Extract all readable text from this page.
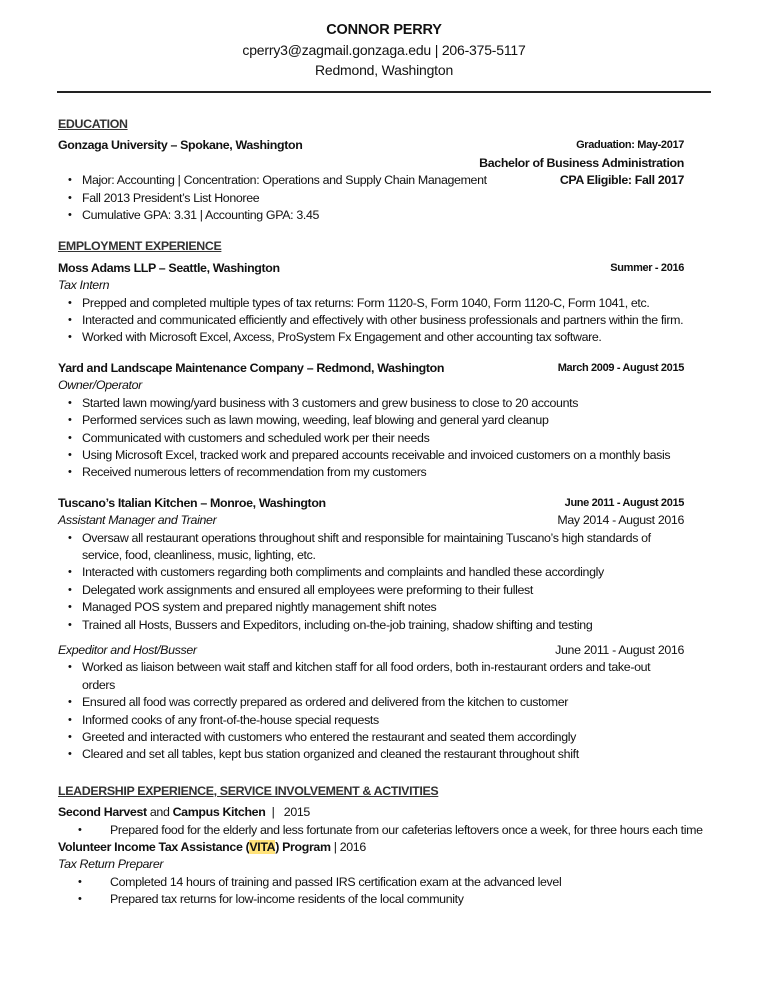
CONNOR PERRY
cperry3@zagmail.gonzaga.edu | 206-375-5117
Redmond, Washington
EDUCATION
Gonzaga University – Spokane, Washington	Graduation: May-2017
Bachelor of Business Administration
• Major: Accounting | Concentration: Operations and Supply Chain Management	CPA Eligible: Fall 2017
• Fall 2013 President’s List Honoree
• Cumulative GPA: 3.31 | Accounting GPA: 3.45
EMPLOYMENT EXPERIENCE
Moss Adams LLP – Seattle, Washington	Summer - 2016
Tax Intern
• Prepped and completed multiple types of tax returns: Form 1120-S, Form 1040, Form 1120-C, Form 1041, etc.
• Interacted and communicated efficiently and effectively with other business professionals and partners within the firm.
• Worked with Microsoft Excel, Axcess, ProSystem Fx Engagement and other accounting tax software.
Yard and Landscape Maintenance Company – Redmond, Washington	March 2009 - August 2015
Owner/Operator
• Started lawn mowing/yard business with 3 customers and grew business to close to 20 accounts
• Performed services such as lawn mowing, weeding, leaf blowing and general yard cleanup
• Communicated with customers and scheduled work per their needs
• Using Microsoft Excel, tracked work and prepared accounts receivable and invoiced customers on a monthly basis
• Received numerous letters of recommendation from my customers
Tuscano’s Italian Kitchen – Monroe, Washington	June 2011 - August 2015
Assistant Manager and Trainer	May 2014 - August 2016
• Oversaw all restaurant operations throughout shift and responsible for maintaining Tuscano’s high standards of service, food, cleanliness, music, lighting, etc.
• Interacted with customers regarding both compliments and complaints and handled these accordingly
• Delegated work assignments and ensured all employees were preforming to their fullest
• Managed POS system and prepared nightly management shift notes
• Trained all Hosts, Bussers and Expeditors, including on-the-job training, shadow shifting and testing
Expeditor and Host/Busser	June 2011 - August 2016
• Worked as liaison between wait staff and kitchen staff for all food orders, both in-restaurant orders and take-out orders
• Ensured all food was correctly prepared as ordered and delivered from the kitchen to customer
• Informed cooks of any front-of-the-house special requests
• Greeted and interacted with customers who entered the restaurant and seated them accordingly
• Cleared and set all tables, kept bus station organized and cleaned the restaurant throughout shift
LEADERSHIP EXPERIENCE, SERVICE INVOLVEMENT & ACTIVITIES
Second Harvest and Campus Kitchen  |   2015
• Prepared food for the elderly and less fortunate from our cafeterias leftovers once a week, for three hours each time
Volunteer Income Tax Assistance (VITA) Program | 2016
Tax Return Preparer
• Completed 14 hours of training and passed IRS certification exam at the advanced level
• Prepared tax returns for low-income residents of the local community
